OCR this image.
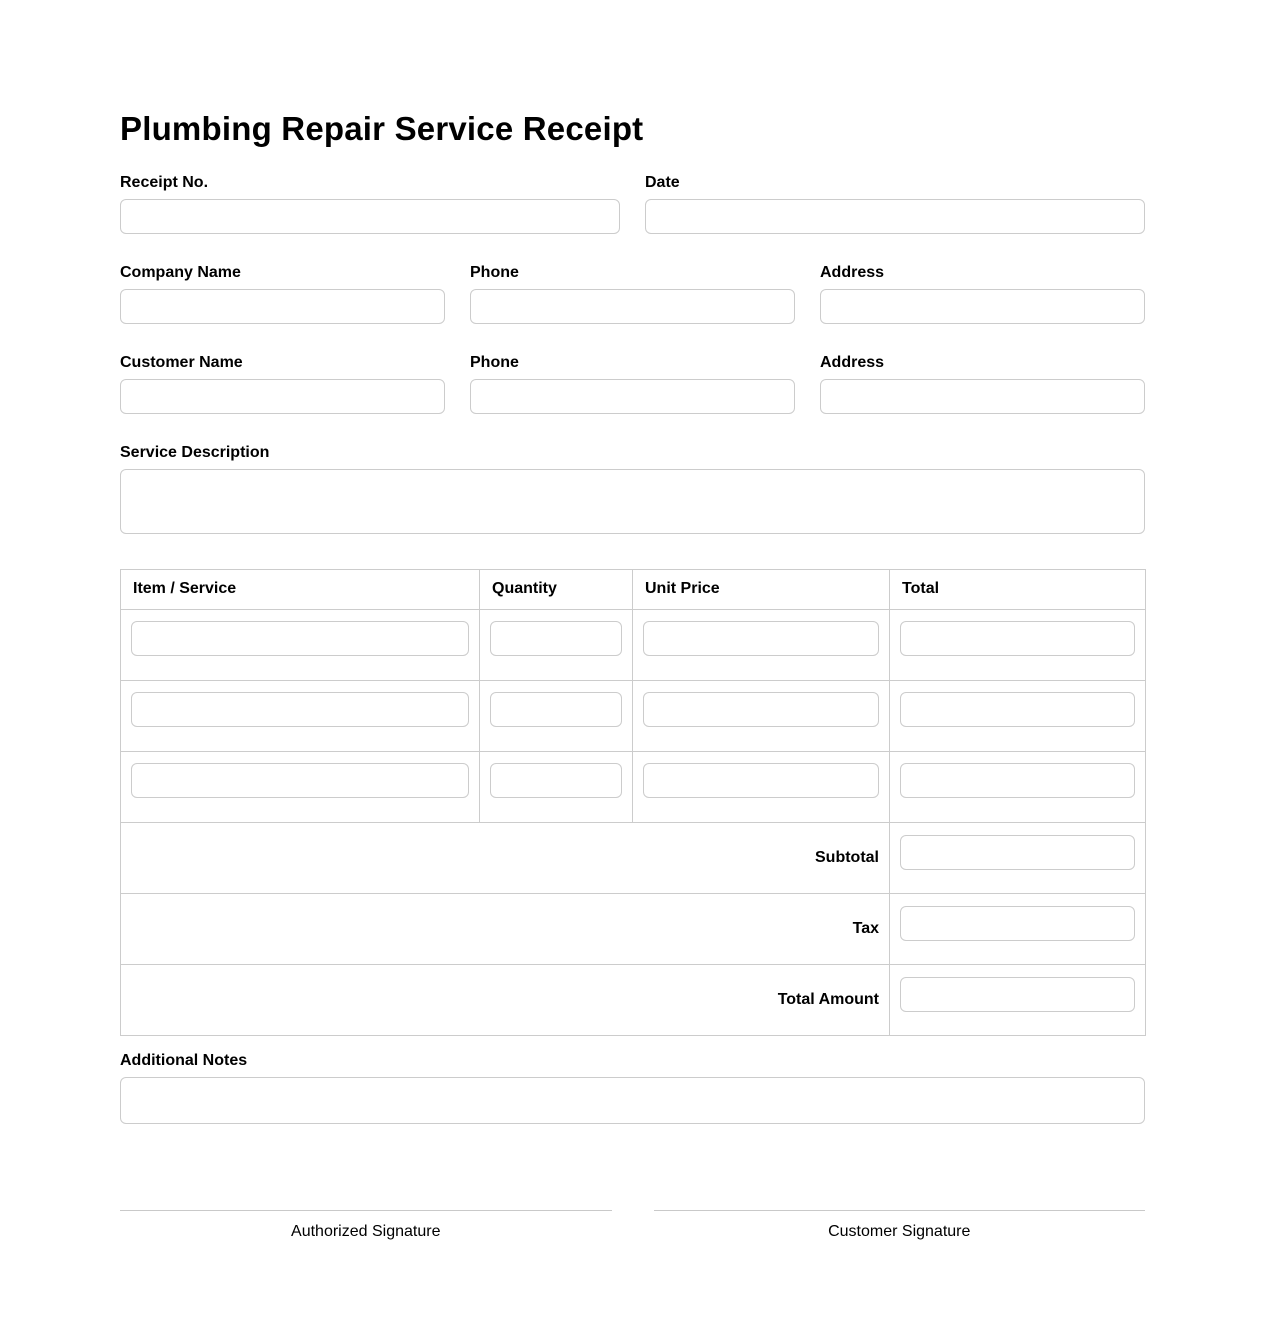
Plumbing Repair Service Receipt
Receipt No.	Date
Company Name	Phone	Address
Customer Name	Phone	Address
Service Description
Item / Service	Quantity	Unit Price	Total

Subtotal	

Tax	

Total Amount	
Additional Notes
Authorized Signature	Customer Signature
